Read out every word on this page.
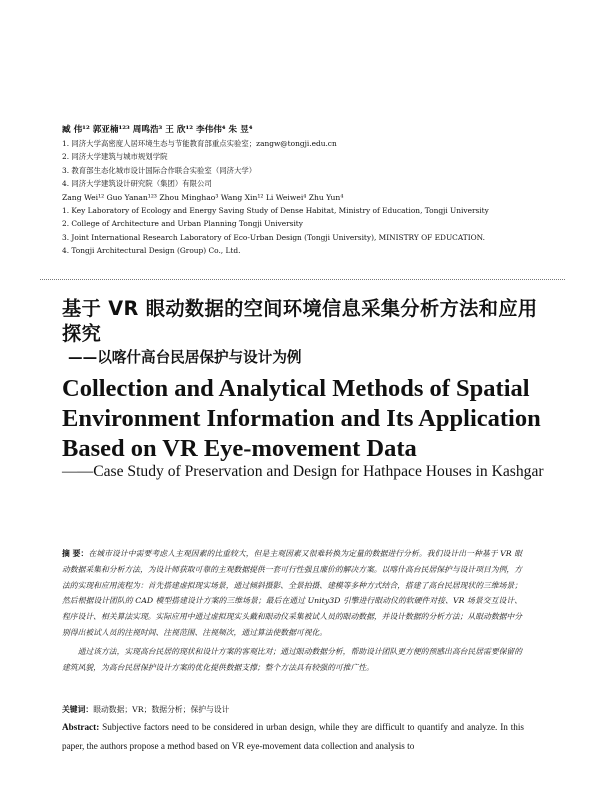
臧 伟¹² 郭亚楠¹²³ 周鸣浩³ 王 欣¹² 李伟伟⁴ 朱 昱⁴
1. 同济大学高密度人居环境生态与节能教育部重点实验室；zangw@tongji.edu.cn
2. 同济大学建筑与城市规划学院
3. 教育部生态化城市设计国际合作联合实验室（同济大学）
4. 同济大学建筑设计研究院（集团）有限公司
Zang Wei¹² Guo Yanan¹²³ Zhou Minghao³ Wang Xin¹² Li Weiwei⁴ Zhu Yun⁴
1. Key Laboratory of Ecology and Energy Saving Study of Dense Habitat, Ministry of Education, Tongji University
2. College of Architecture and Urban Planning Tongji University
3. Joint International Research Laboratory of Eco-Urban Design (Tongji University), MINISTRY OF EDUCATION.
4. Tongji Architectural Design (Group) Co., Ltd.
基于 VR 眼动数据的空间环境信息采集分析方法和应用探究
——以喀什高台民居保护与设计为例
Collection and Analytical Methods of Spatial Environment Information and Its Application Based on VR Eye-movement Data
——Case Study of Preservation and Design for Hathpace Houses in Kashgar

摘 要：在城市设计中需要考虑人主观因素的比重较大，但是主观因素又很难转换为定量的数据进行分析。我们设计出一种基于 VR 眼动数据采集和分析方法，为设计师获取可靠的主观数据提供一套可行性强且廉价的解决方案。以喀什高台民居保护与设计项目为例，方法的实现和应用流程为：首先搭建虚拟现实场景，通过倾斜摄影、全景拍摄、建模等多种方式结合，搭建了高台民居现状的三维场景；然后根据设计团队的 CAD 模型搭建设计方案的三维场景；最后在通过 Unity3D 引擎进行眼动仪的软硬件对接、VR 场景交互设计、程序设计、相关算法实现。实际应用中通过虚拟现实头戴和眼动仪采集被试人员的眼动数据，并设计数据的分析方法；从眼动数据中分别得出被试人员的注视时间、注视范围、注视频次，通过算法使数据可视化。

通过该方法，实现高台民居的现状和设计方案的客观比对；通过眼动数据分析，帮助设计团队更方便的预感出高台民居需要保留的建筑风貌，为高台民居保护设计方案的优化提供数据支撑；整个方法具有较强的可推广性。

关键词：眼动数据；VR；数据分析；保护与设计
Abstract: Subjective factors need to be considered in urban design, while they are difficult to quantify and analyze. In this paper, the authors propose a method based on VR eye-movement data collection and analysis to
